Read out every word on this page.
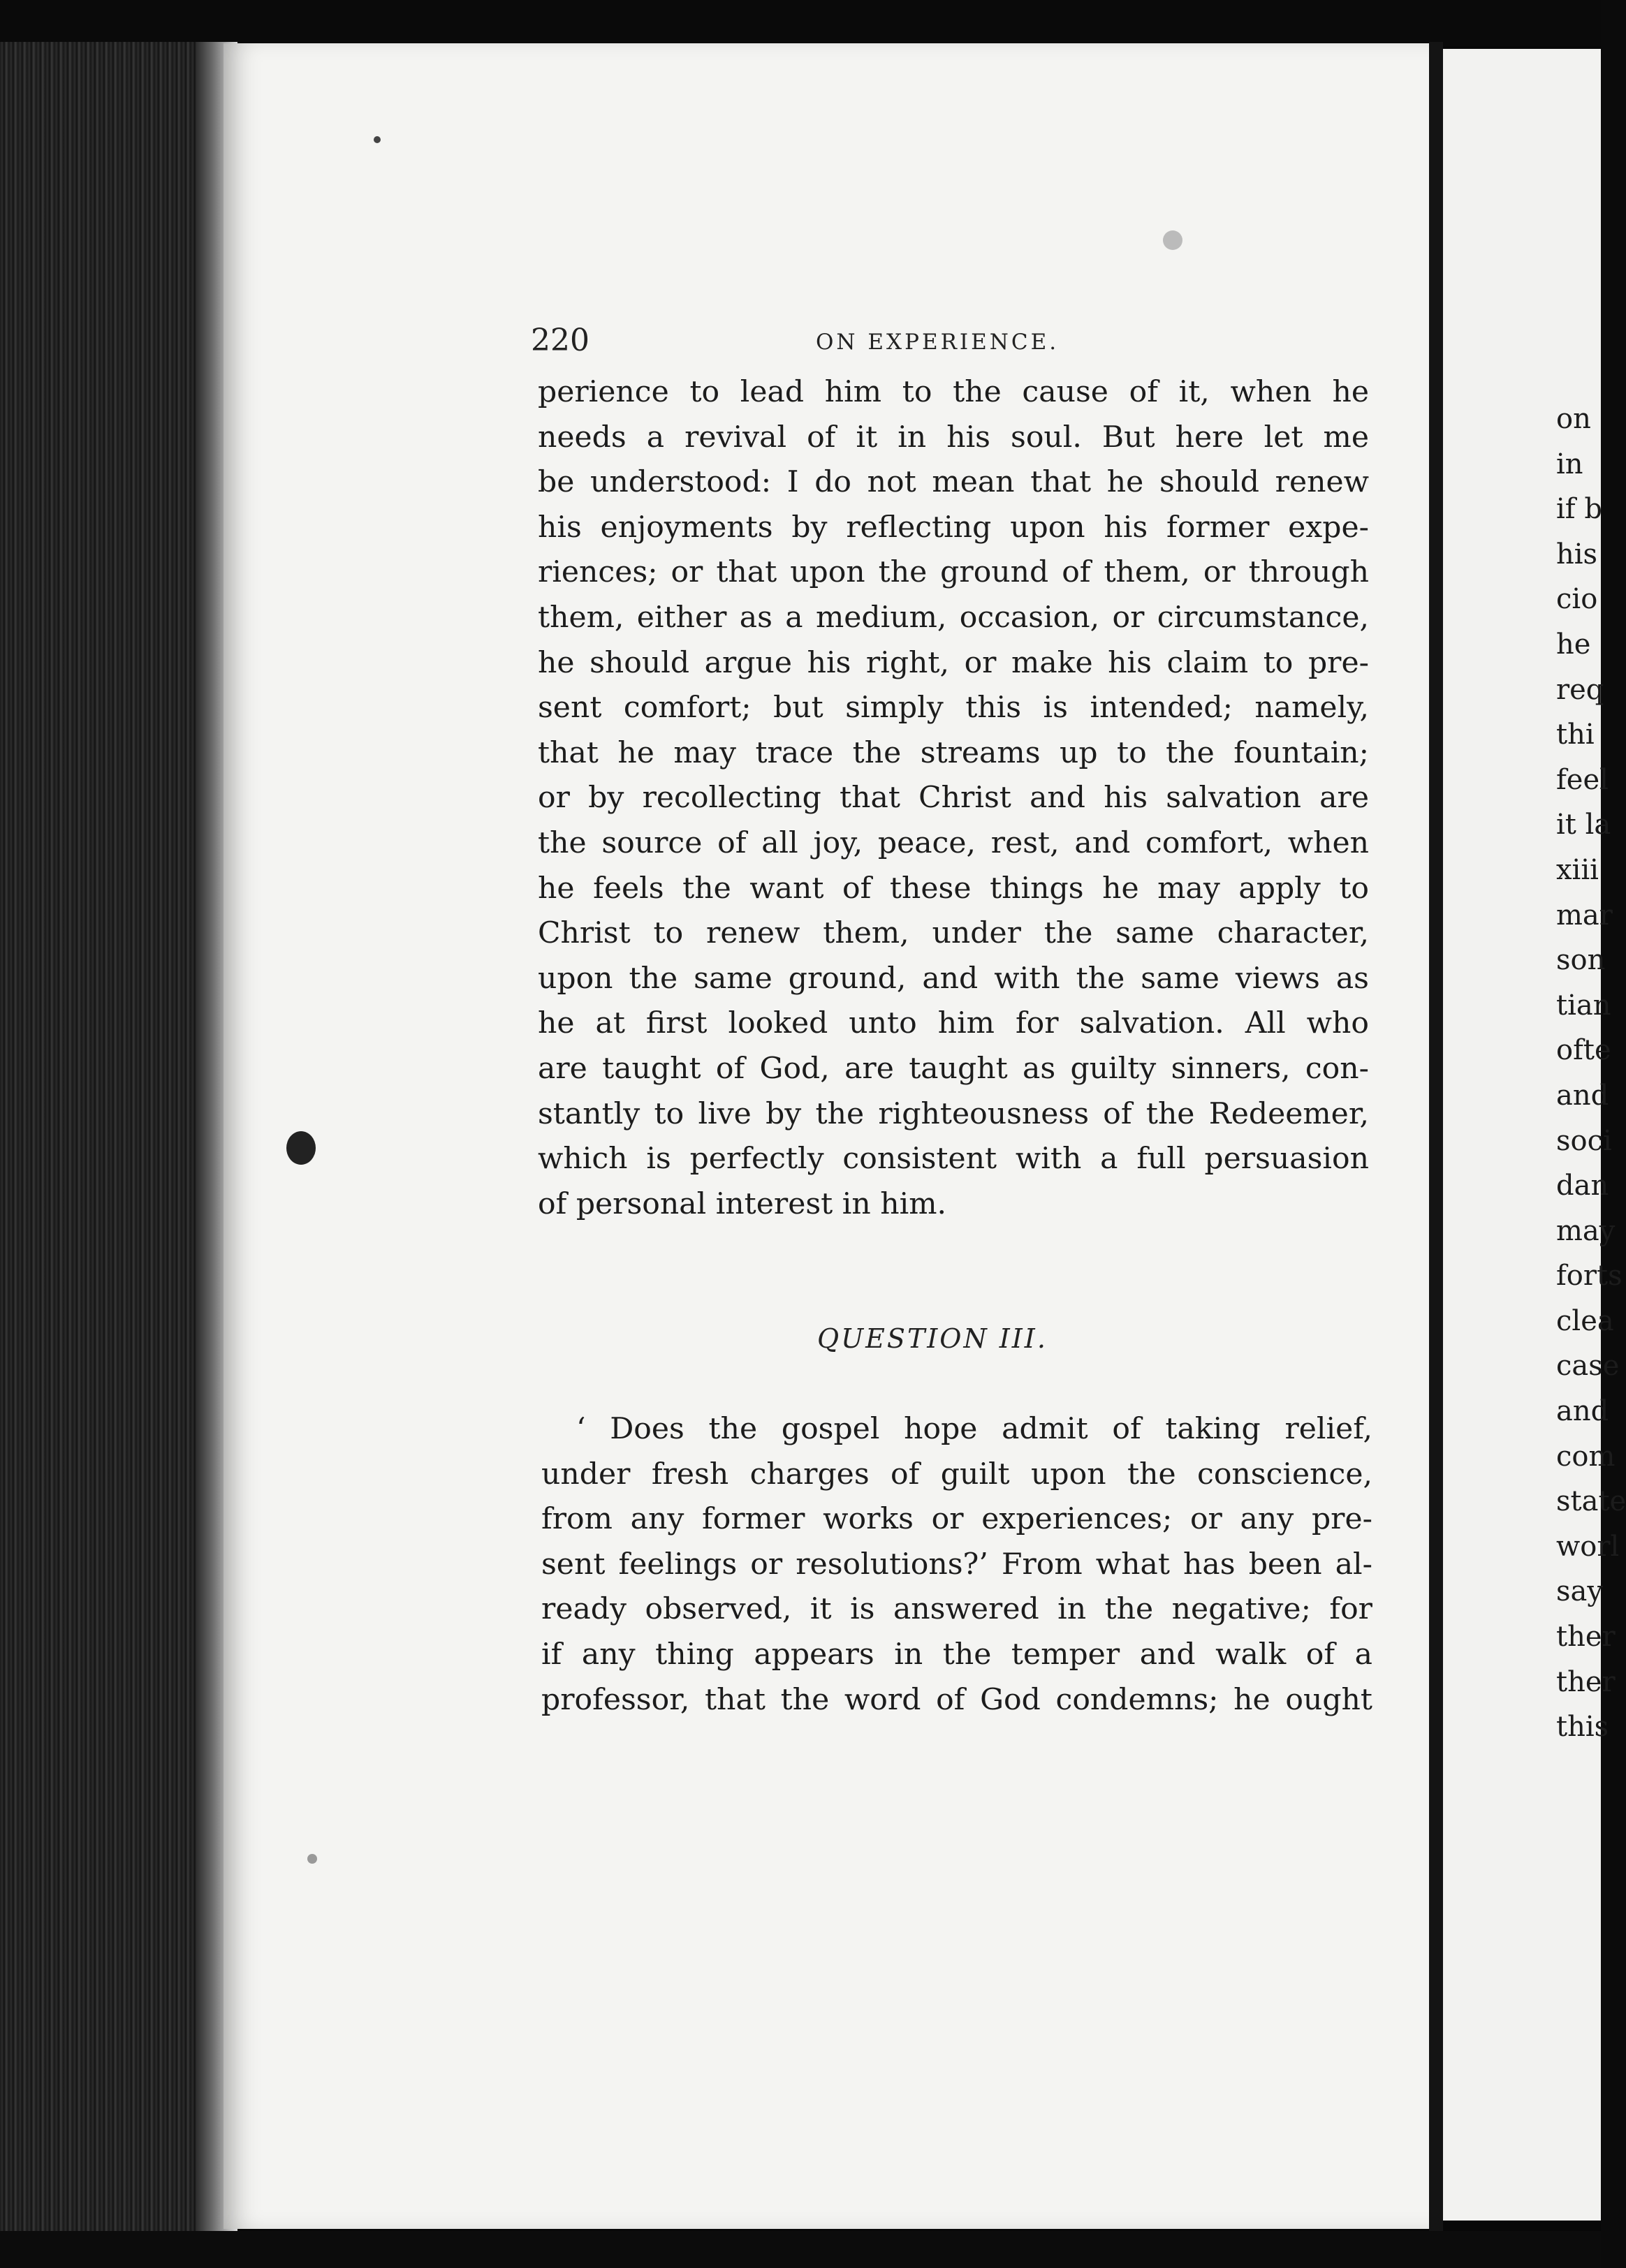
220	ON EXPERIENCE.
perience to lead him to the cause of it, when he
needs a revival of it in his soul. But here let me
be understood: I do not mean that he should renew
his enjoyments by reflecting upon his former expe-
riences; or that upon the ground of them, or through
them, either as a medium, occasion, or circumstance,
he should argue his right, or make his claim to pre-
sent comfort; but simply this is intended; namely,
that he may trace the streams up to the fountain;
or by recollecting that Christ and his salvation are
the source of all joy, peace, rest, and comfort, when
he feels the want of these things he may apply to
Christ to renew them, under the same character,
upon the same ground, and with the same views as
he at first looked unto him for salvation. All who
are taught of God, are taught as guilty sinners, con-
stantly to live by the righteousness of the Redeemer,
which is perfectly consistent with a full persuasion
of personal interest in him.
QUESTION III.
‘ Does the gospel hope admit of taking relief,
under fresh charges of guilt upon the conscience,
from any former works or experiences; or any pre-
sent feelings or resolutions?’ From what has been al-
ready observed, it is answered in the negative; for
if any thing appears in the temper and walk of a
professor, that the word of God condemns; he ought
on
in
if b
his
cio
he
req
thi
feel
it la
xiii
mar
son
tian
ofte
and
soci
dan
may
forts
clea
case
and
com
state
worl
say
ther
ther
this
